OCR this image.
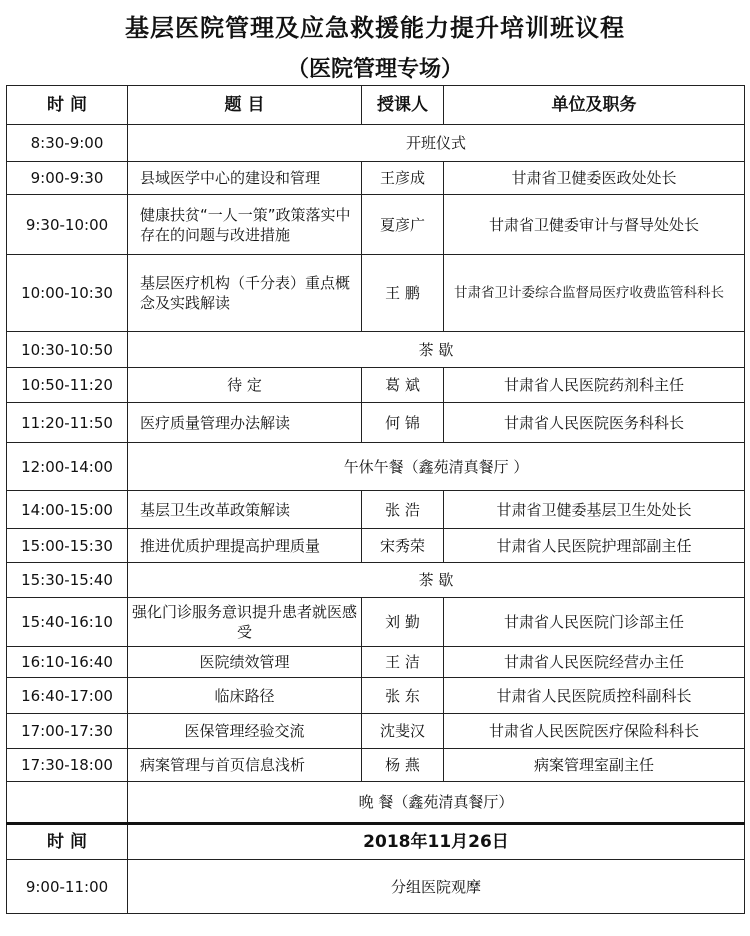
基层医院管理及应急救援能力提升培训班议程
（医院管理专场）
时 间	题 目	授课人	单位及职务
8:30-9:00	开班仪式		
9:00-9:30	县域医学中心的建设和管理	王彦成	甘肃省卫健委医政处处长
9:30-10:00	健康扶贫“一人一策”政策落实中存在的问题与改进措施	夏彦广	甘肃省卫健委审计与督导处处长
10:00-10:30	基层医疗机构（千分表）重点概念及实践解读	王 鹏	甘肃省卫计委综合监督局医疗收费监管科科长
10:30-10:50	茶 歇		
10:50-11:20	待 定	葛 斌	甘肃省人民医院药剂科主任
11:20-11:50	医疗质量管理办法解读	何 锦	甘肃省人民医院医务科科长
12:00-14:00	午休午餐（鑫苑清真餐厅 ）		
14:00-15:00	基层卫生改革政策解读	张 浩	甘肃省卫健委基层卫生处处长
15:00-15:30	推进优质护理提高护理质量	宋秀荣	甘肃省人民医院护理部副主任
15:30-15:40	茶 歇		
15:40-16:10	强化门诊服务意识提升患者就医感受	刘 勤	甘肃省人民医院门诊部主任
16:10-16:40	医院绩效管理	王 洁	甘肃省人民医院经营办主任
16:40-17:00	临床路径	张 东	甘肃省人民医院质控科副科长
17:00-17:30	医保管理经验交流	沈斐汉	甘肃省人民医院医疗保险科科长
17:30-18:00	病案管理与首页信息浅析	杨 燕	病案管理室副主任
	晚 餐（鑫苑清真餐厅）		
时 间	2018年11月26日		
9:00-11:00	分组医院观摩		
